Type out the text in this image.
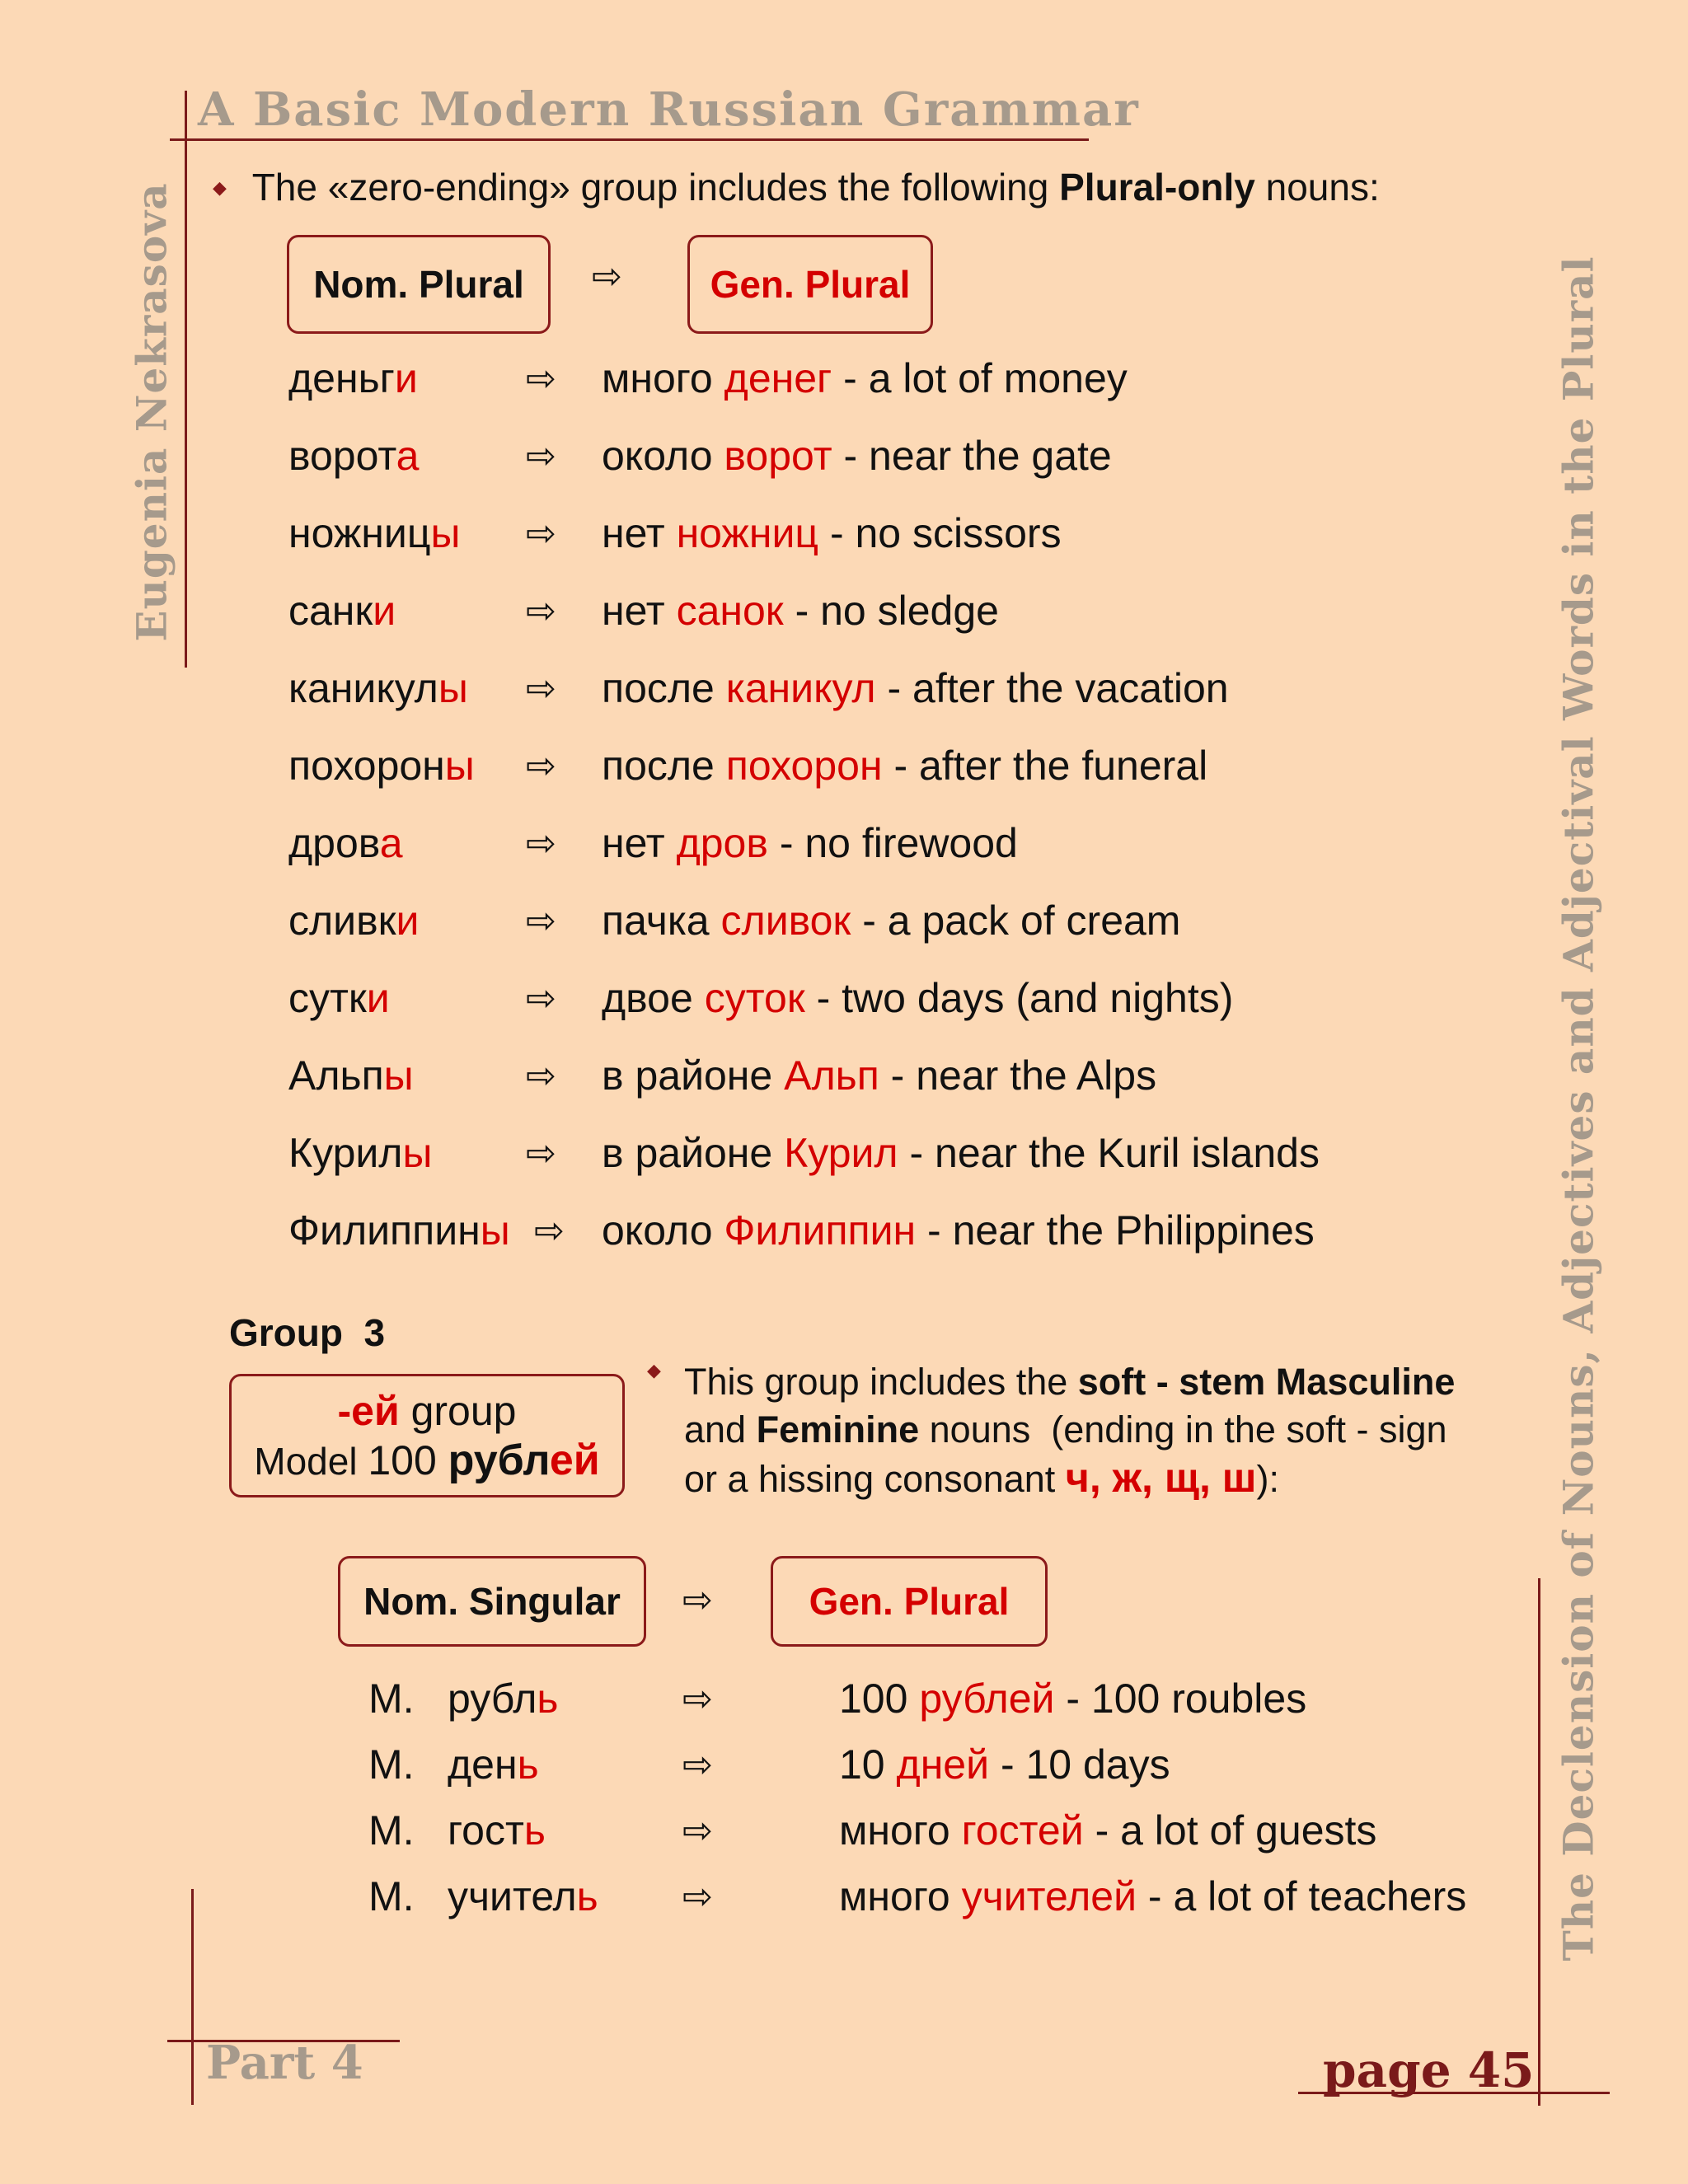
A Basic Modern Russian Grammar
Eugenia Nekrasova	The Declension of Nouns, Adjectives and Adjectival Words in the Plural
Part 4	page 45
◆ The «zero-ending» group includes the following Plural-only nouns:
Nom. Plural ⇨ Gen. Plural
деньги	⇨ много денег - a lot of money
ворота	⇨ около ворот - near the gate
ножницы ⇨ нет ножниц - no scissors
санки	⇨ нет санок - no sledge
каникулы ⇨ после каникул - after the vacation
похороны ⇨ после похорон - after the funeral
дрова	⇨ нет дров - no firewood
сливки	⇨ пачка сливок - a pack of cream
сутки	⇨ двое суток - two days (and nights)
Альпы	⇨ в районе Альп - near the Alps
Курилы	⇨ в районе Курил - near the Kuril islands
Филиппины ⇨ около Филиппин - near the Philippines
Group  3
-ей group
Model 100 рублей
◆ This group includes the soft - stem Masculine
and Feminine nouns  (ending in the soft - sign
or a hissing consonant ч, ж, щ, ш):
Nom. Singular ⇨	Gen. Plural
M. рубль	⇨	100 рублей - 100 roubles
M. день	⇨	10 дней - 10 days
M. гость	⇨	много гостей - a lot of guests
M. учитель ⇨	много учителей - a lot of teachers
